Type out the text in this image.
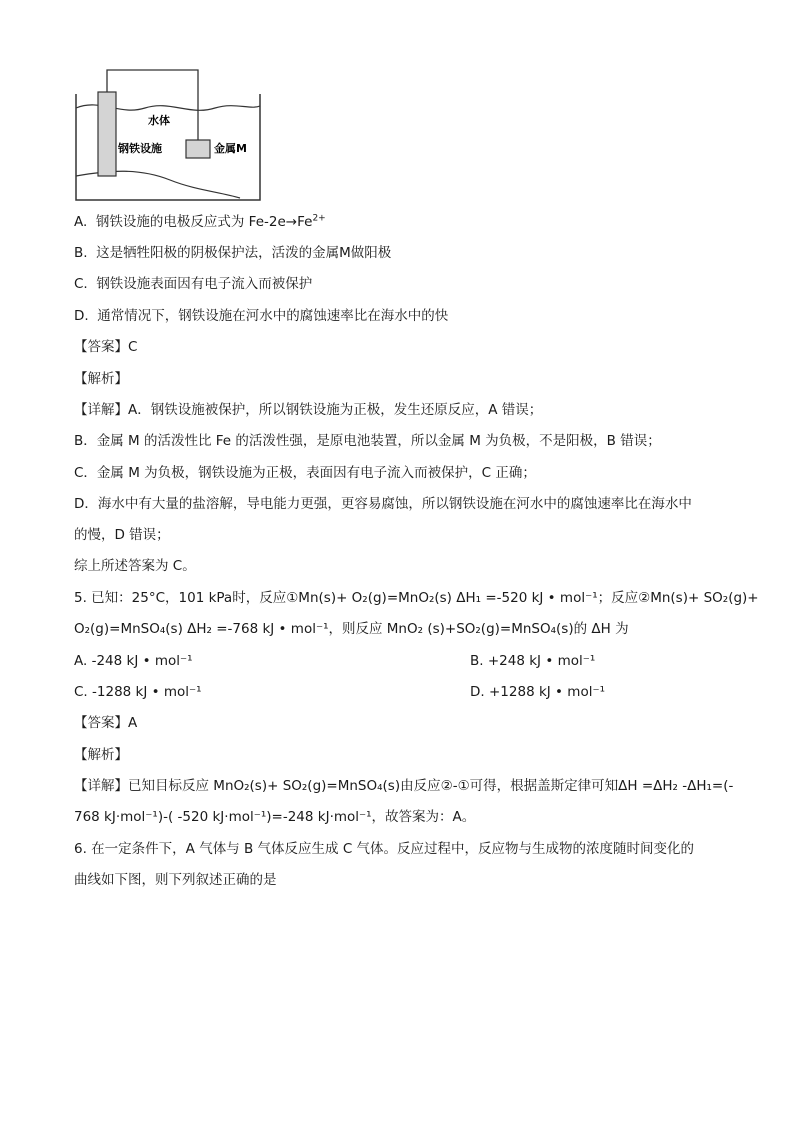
水体
钢铁设施	金属M
A. 钢铁设施的电极反应式为 $Fe-2e\to Fe^{2+}$
B. 这是牺牲阳极的阴极保护法，活泼的金属M做阳极
C. 钢铁设施表面因有电子流入而被保护
D. 通常情况下，钢铁设施在河水中的腐蚀速率比在海水中的快
【答案】C
【解析】
【详解】A．钢铁设施被保护，所以钢铁设施为正极，发生还原反应，A 错误；
B．金属 M 的活泼性比 Fe 的活泼性强，是原电池装置，所以金属 M 为负极，不是阳极，B 错误；
C．金属 M 为负极，钢铁设施为正极，表面因有电子流入而被保护，C 正确；
D．海水中有大量的盐溶解，导电能力更强，更容易腐蚀，所以钢铁设施在河水中的腐蚀速率比在海水中
的慢，D 错误；
综上所述答案为 C。
5. 已知：25°C，101 kPa时，反应①Mn(s)+ O₂(g)=MnO₂(s) ΔH₁ =-520 kJ • mol⁻¹；反应②Mn(s)+ SO₂(g)+
O₂(g)=MnSO₄(s) ΔH₂ =-768 kJ • mol⁻¹，则反应 MnO₂ (s)+SO₂(g)=MnSO₄(s)的 ΔH 为
A. -248 kJ • mol⁻¹	B. +248 kJ • mol⁻¹
C. -1288 kJ • mol⁻¹	D. +1288 kJ • mol⁻¹
【答案】A
【解析】
【详解】已知目标反应 MnO₂(s)+ SO₂(g)=MnSO₄(s)由反应②-①可得，根据盖斯定律可知ΔH =ΔH₂ -ΔH₁=(-
768 kJ·mol⁻¹)-( -520 kJ·mol⁻¹)=-248 kJ·mol⁻¹，故答案为：A。
6. 在一定条件下，A 气体与 B 气体反应生成 C 气体。反应过程中，反应物与生成物的浓度随时间变化的
曲线如下图，则下列叙述正确的是
